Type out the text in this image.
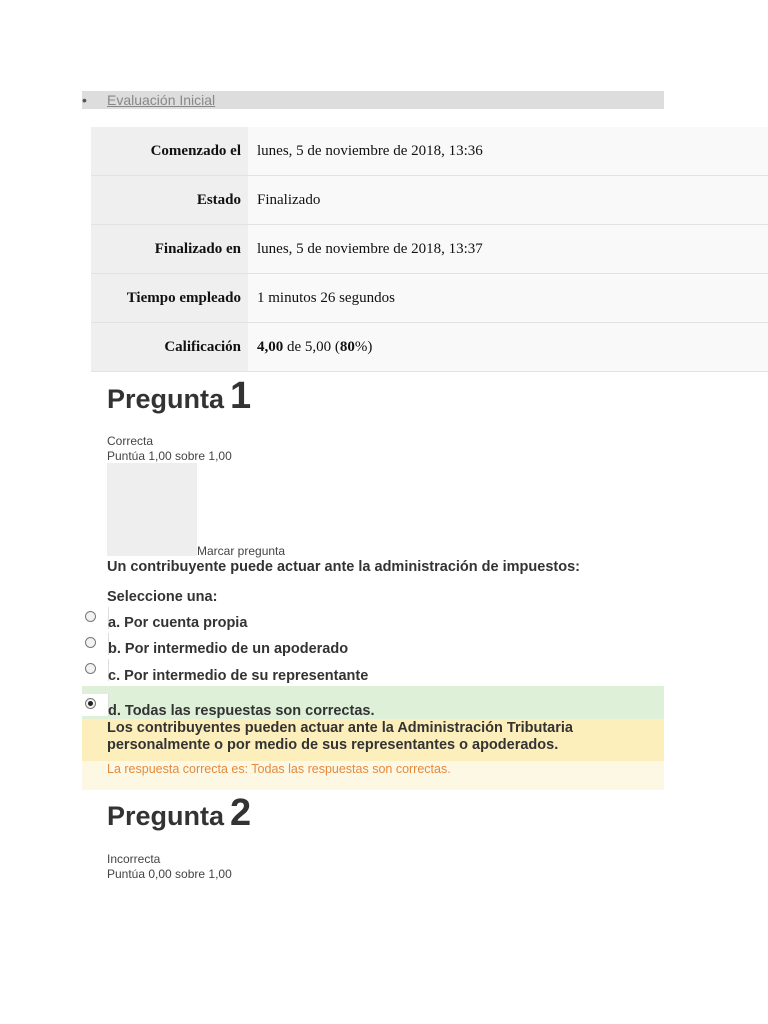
• Evaluación Inicial
Comenzado el	lunes, 5 de noviembre de 2018, 13:36
Estado	Finalizado
Finalizado en	lunes, 5 de noviembre de 2018, 13:37
Tiempo empleado	1 minutos 26 segundos
Calificación	4,00 de 5,00 (80%)
Pregunta 1
Correcta
Puntúa 1,00 sobre 1,00
Marcar pregunta
Un contribuyente puede actuar ante la administración de impuestos:
Seleccione una:
a. Por cuenta propia
b. Por intermedio de un apoderado
c. Por intermedio de su representante
d. Todas las respuestas son correctas.
Los contribuyentes pueden actuar ante la Administración Tributaria personalmente o por medio de sus representantes o apoderados.
La respuesta correcta es: Todas las respuestas son correctas.
Pregunta 2
Incorrecta
Puntúa 0,00 sobre 1,00
